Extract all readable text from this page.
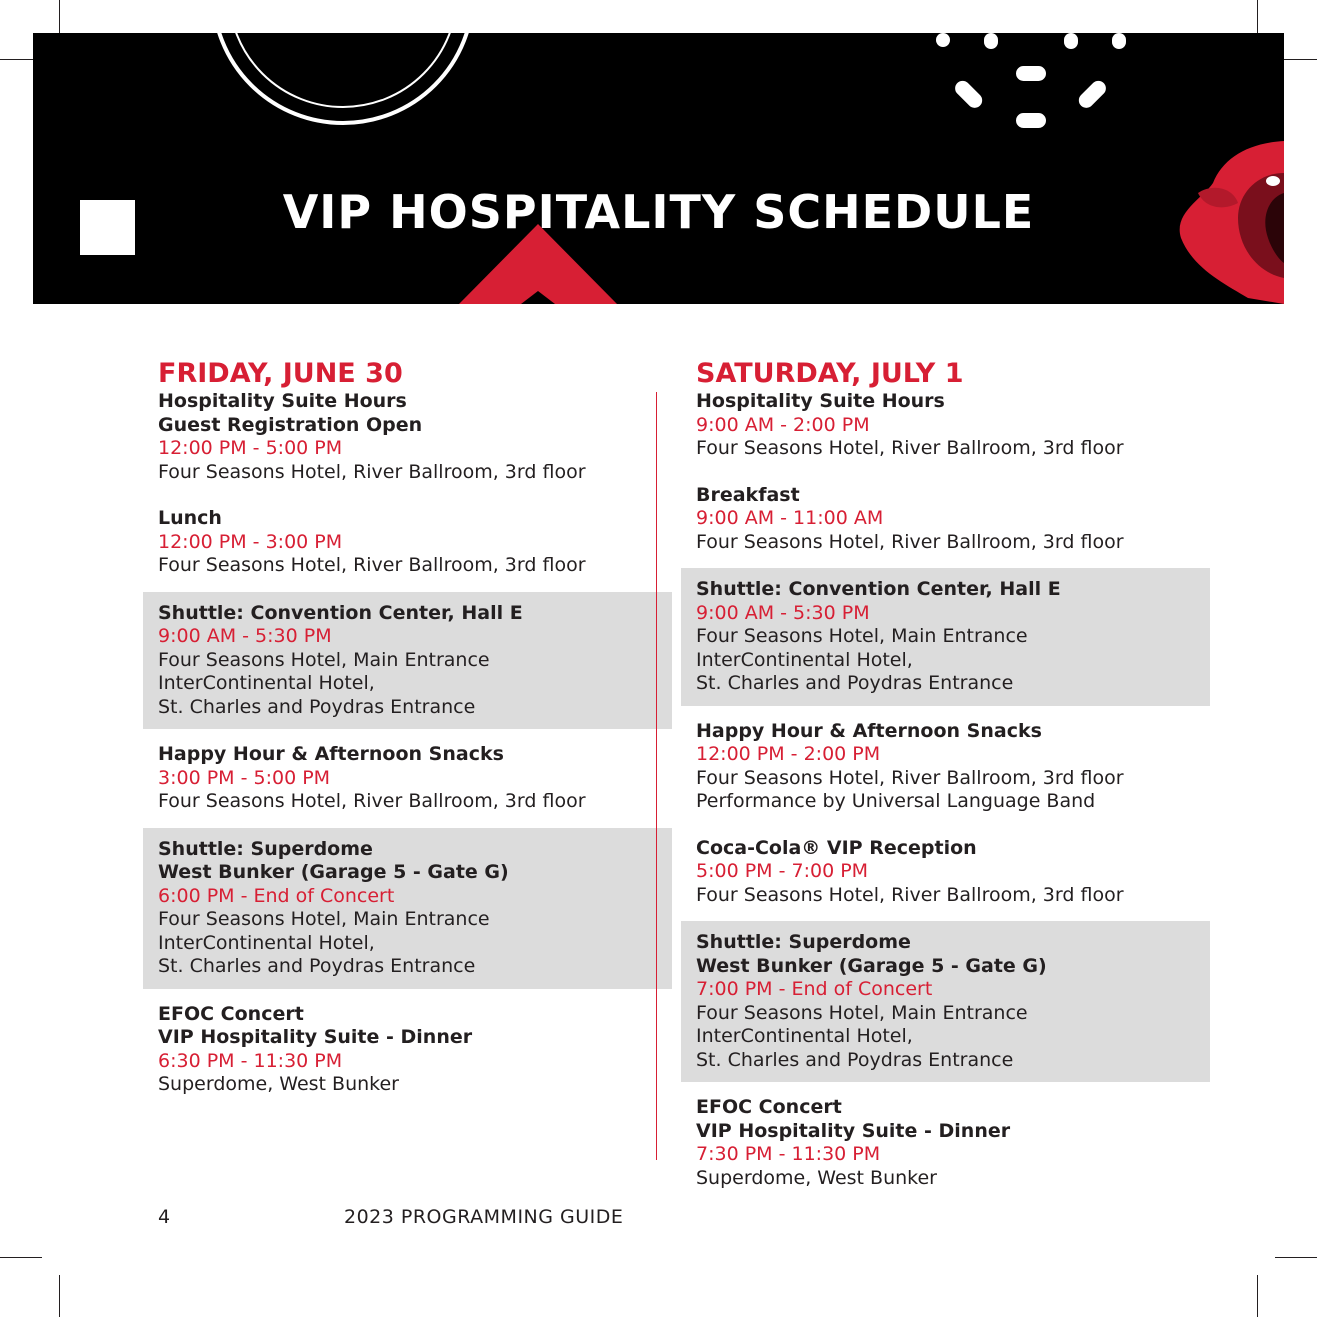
VIP HOSPITALITY SCHEDULE
FRIDAY, JUNE 30
Hospitality Suite Hours
Guest Registration Open
12:00 PM - 5:00 PM
Four Seasons Hotel, River Ballroom, 3rd floor
Lunch
12:00 PM - 3:00 PM
Four Seasons Hotel, River Ballroom, 3rd floor
Shuttle: Convention Center, Hall E
9:00 AM - 5:30 PM
Four Seasons Hotel, Main Entrance
InterContinental Hotel,
St. Charles and Poydras Entrance
Happy Hour & Afternoon Snacks
3:00 PM - 5:00 PM
Four Seasons Hotel, River Ballroom, 3rd floor
Shuttle: Superdome
West Bunker (Garage 5 - Gate G)
6:00 PM - End of Concert
Four Seasons Hotel, Main Entrance
InterContinental Hotel,
St. Charles and Poydras Entrance
EFOC Concert
VIP Hospitality Suite - Dinner
6:30 PM - 11:30 PM
Superdome, West Bunker
SATURDAY, JULY 1
Hospitality Suite Hours
9:00 AM - 2:00 PM
Four Seasons Hotel, River Ballroom, 3rd floor
Breakfast
9:00 AM - 11:00 AM
Four Seasons Hotel, River Ballroom, 3rd floor
Shuttle: Convention Center, Hall E
9:00 AM - 5:30 PM
Four Seasons Hotel, Main Entrance
InterContinental Hotel,
St. Charles and Poydras Entrance
Happy Hour & Afternoon Snacks
12:00 PM - 2:00 PM
Four Seasons Hotel, River Ballroom, 3rd floor
Performance by Universal Language Band
Coca-Cola® VIP Reception
5:00 PM - 7:00 PM
Four Seasons Hotel, River Ballroom, 3rd floor
Shuttle: Superdome
West Bunker (Garage 5 - Gate G)
7:00 PM - End of Concert
Four Seasons Hotel, Main Entrance
InterContinental Hotel,
St. Charles and Poydras Entrance
EFOC Concert
VIP Hospitality Suite - Dinner
7:30 PM - 11:30 PM
Superdome, West Bunker
4	2023 PROGRAMMING GUIDE
